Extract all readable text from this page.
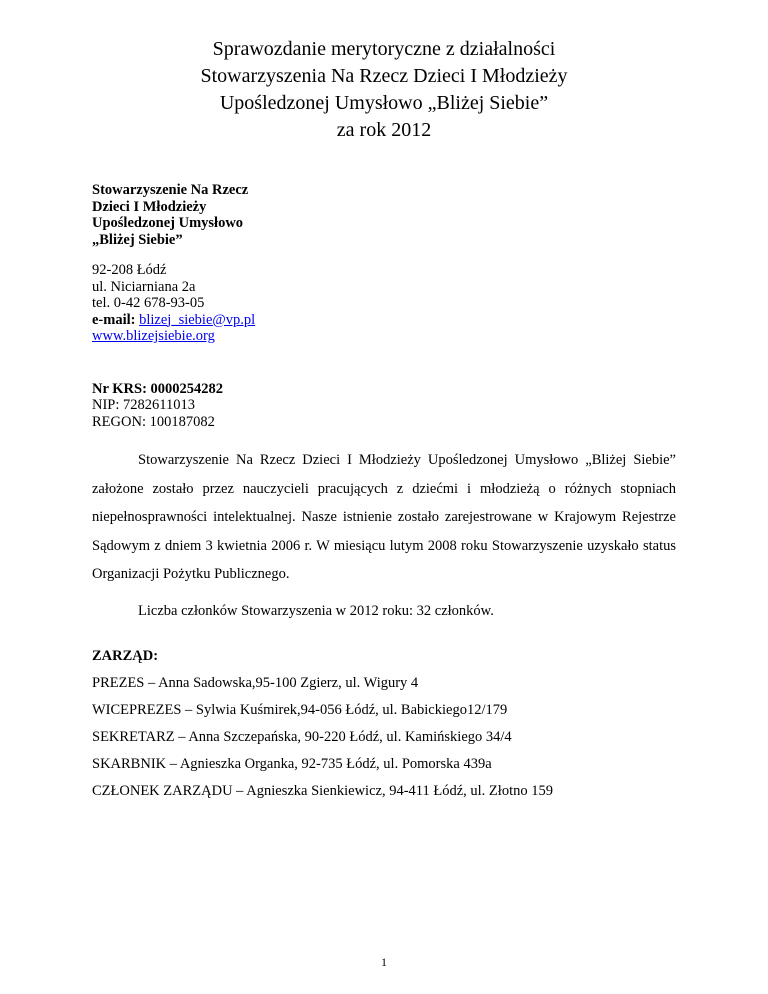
Sprawozdanie merytoryczne z działalności
Stowarzyszenia Na Rzecz Dzieci I Młodzieży
Upośledzonej Umysłowo „Bliżej Siebie”
za rok 2012
Stowarzyszenie Na Rzecz
Dzieci I Młodzieży
Upośledzonej Umysłowo
„Bliżej Siebie”
92-208 Łódź
ul. Niciarniana 2a
tel. 0-42 678-93-05
e-mail: blizej_siebie@vp.pl
www.blizejsiebie.org
Nr KRS: 0000254282
NIP: 7282611013
REGON: 100187082

Stowarzyszenie Na Rzecz Dzieci I Młodzieży Upośledzonej Umysłowo „Bliżej Siebie” założone zostało przez nauczycieli pracujących z dziećmi i młodzieżą o różnych stopniach niepełnosprawności intelektualnej. Nasze istnienie zostało zarejestrowane w Krajowym Rejestrze Sądowym z dniem 3 kwietnia 2006 r. W miesiącu lutym 2008 roku Stowarzyszenie uzyskało status Organizacji Pożytku Publicznego.

Liczba członków Stowarzyszenia w 2012 roku: 32 członków.

ZARZĄD:
PREZES – Anna Sadowska,95-100 Zgierz, ul. Wigury 4
WICEPREZES – Sylwia Kuśmirek,94-056 Łódź, ul. Babickiego12/179
SEKRETARZ – Anna Szczepańska, 90-220 Łódź, ul. Kamińskiego 34/4
SKARBNIK – Agnieszka Organka, 92-735 Łódź, ul. Pomorska 439a
CZŁONEK ZARZĄDU – Agnieszka Sienkiewicz, 94-411 Łódź, ul. Złotno 159
1
